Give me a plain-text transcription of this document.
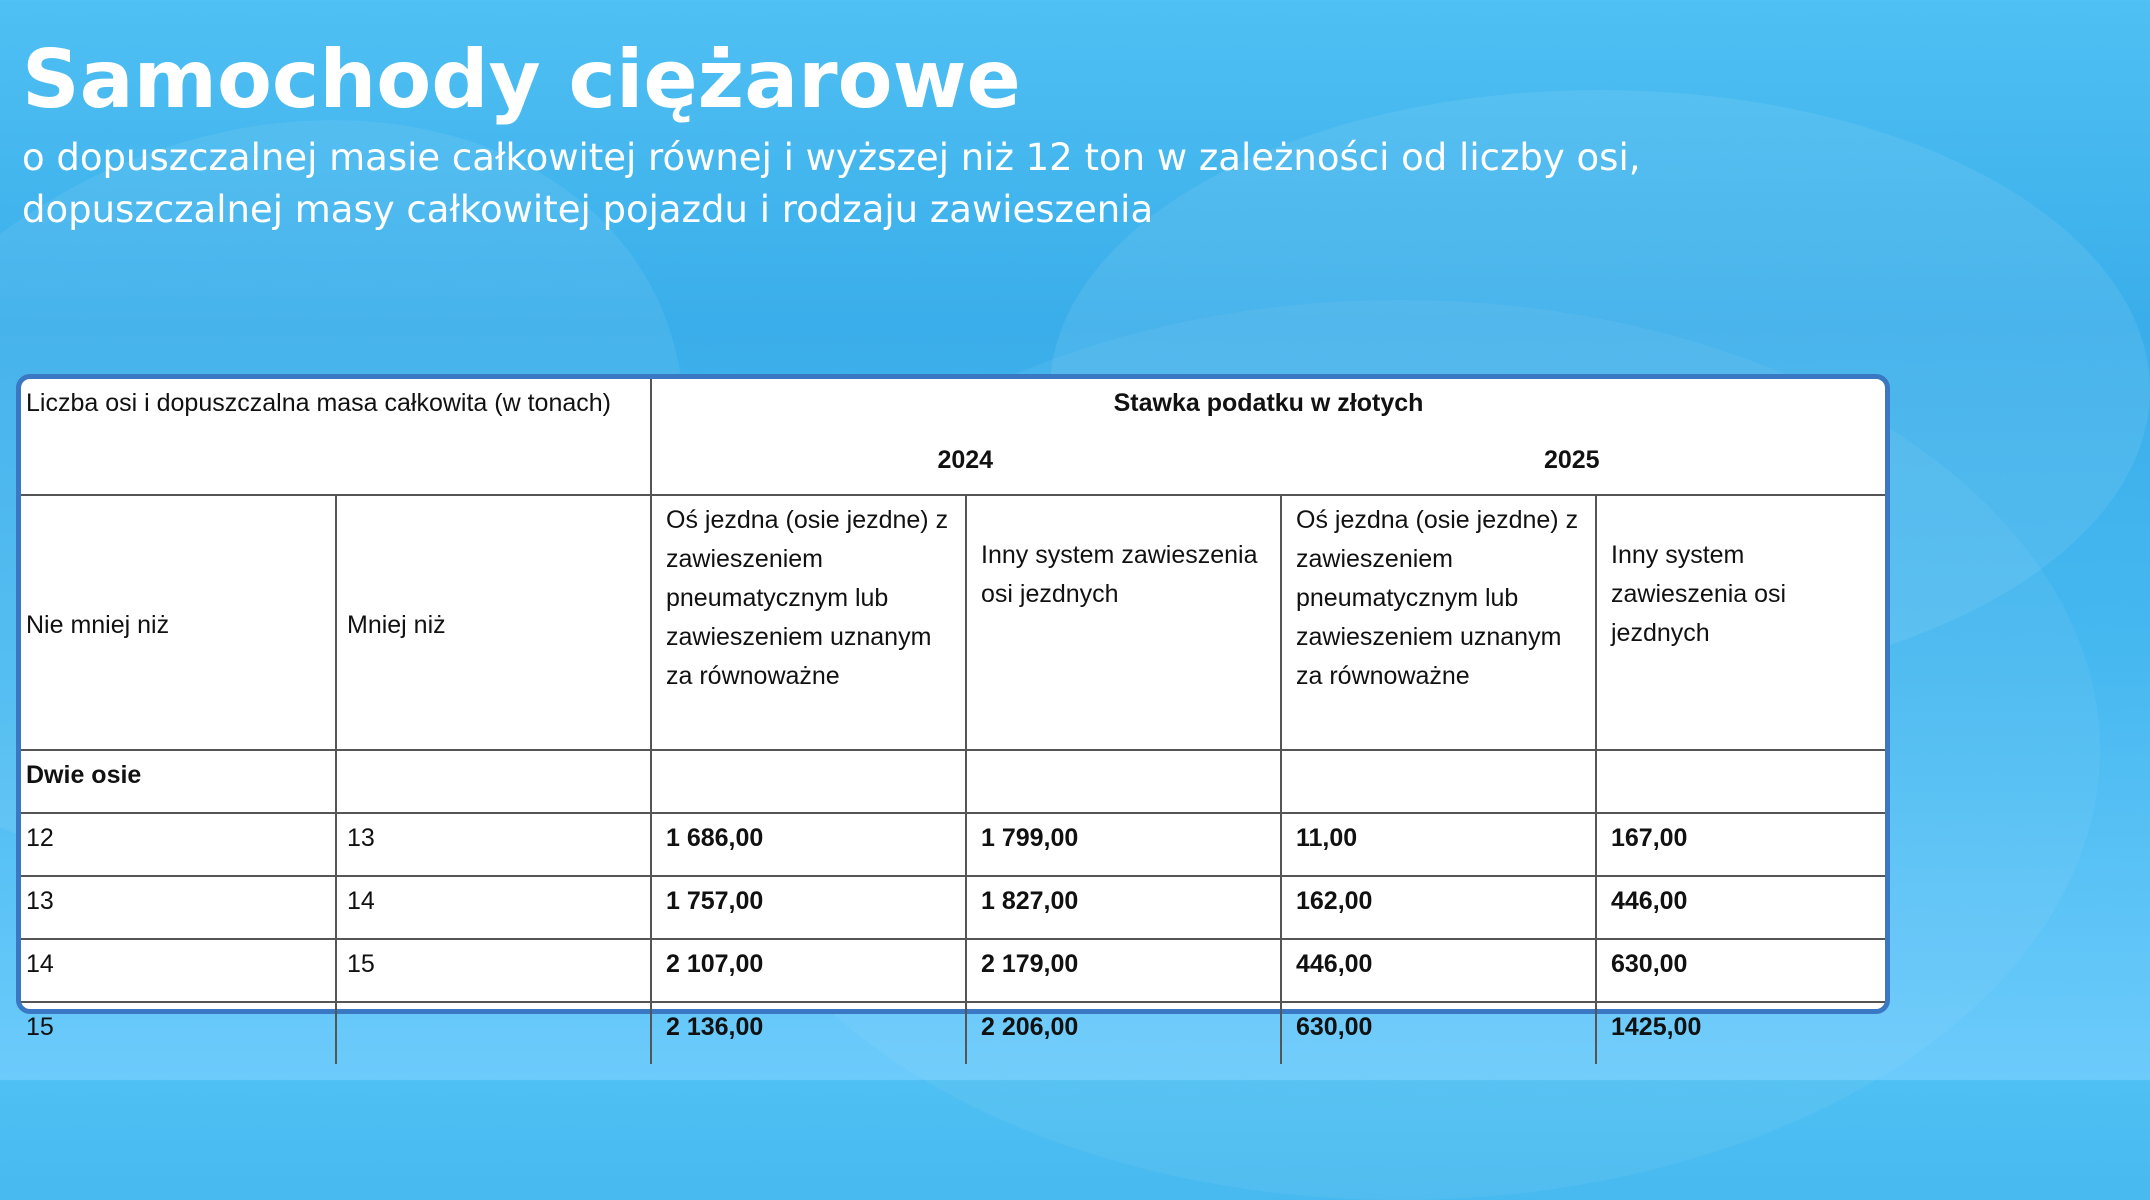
Samochody ciężarowe

o dopuszczalnej masie całkowitej równej i wyższej niż 12 ton w zależności od liczby osi, dopuszczalnej masy całkowitej pojazdu i rodzaju zawieszenia

Liczba osi i dopuszczalna masa całkowita (w tonach)		Stawka podatku w złotych
2024 2025			

Nie mniej niż	Mniej niż	Oś jezdna (osie jezdne) z zawieszeniem pneumatycznym lub zawieszeniem uznanym za równoważne	Inny system zawieszenia osi jezdnych	Oś jezdna (osie jezdne) z zawieszeniem pneumatycznym lub zawieszeniem uznanym za równoważne	Inny system zawieszenia osi jezdnych
Dwie osie					
12	13	1 686,00	1 799,00	11,00	167,00
13	14	1 757,00	1 827,00	162,00	446,00
14	15	2 107,00	2 179,00	446,00	630,00
15		2 136,00	2 206,00	630,00	1425,00
